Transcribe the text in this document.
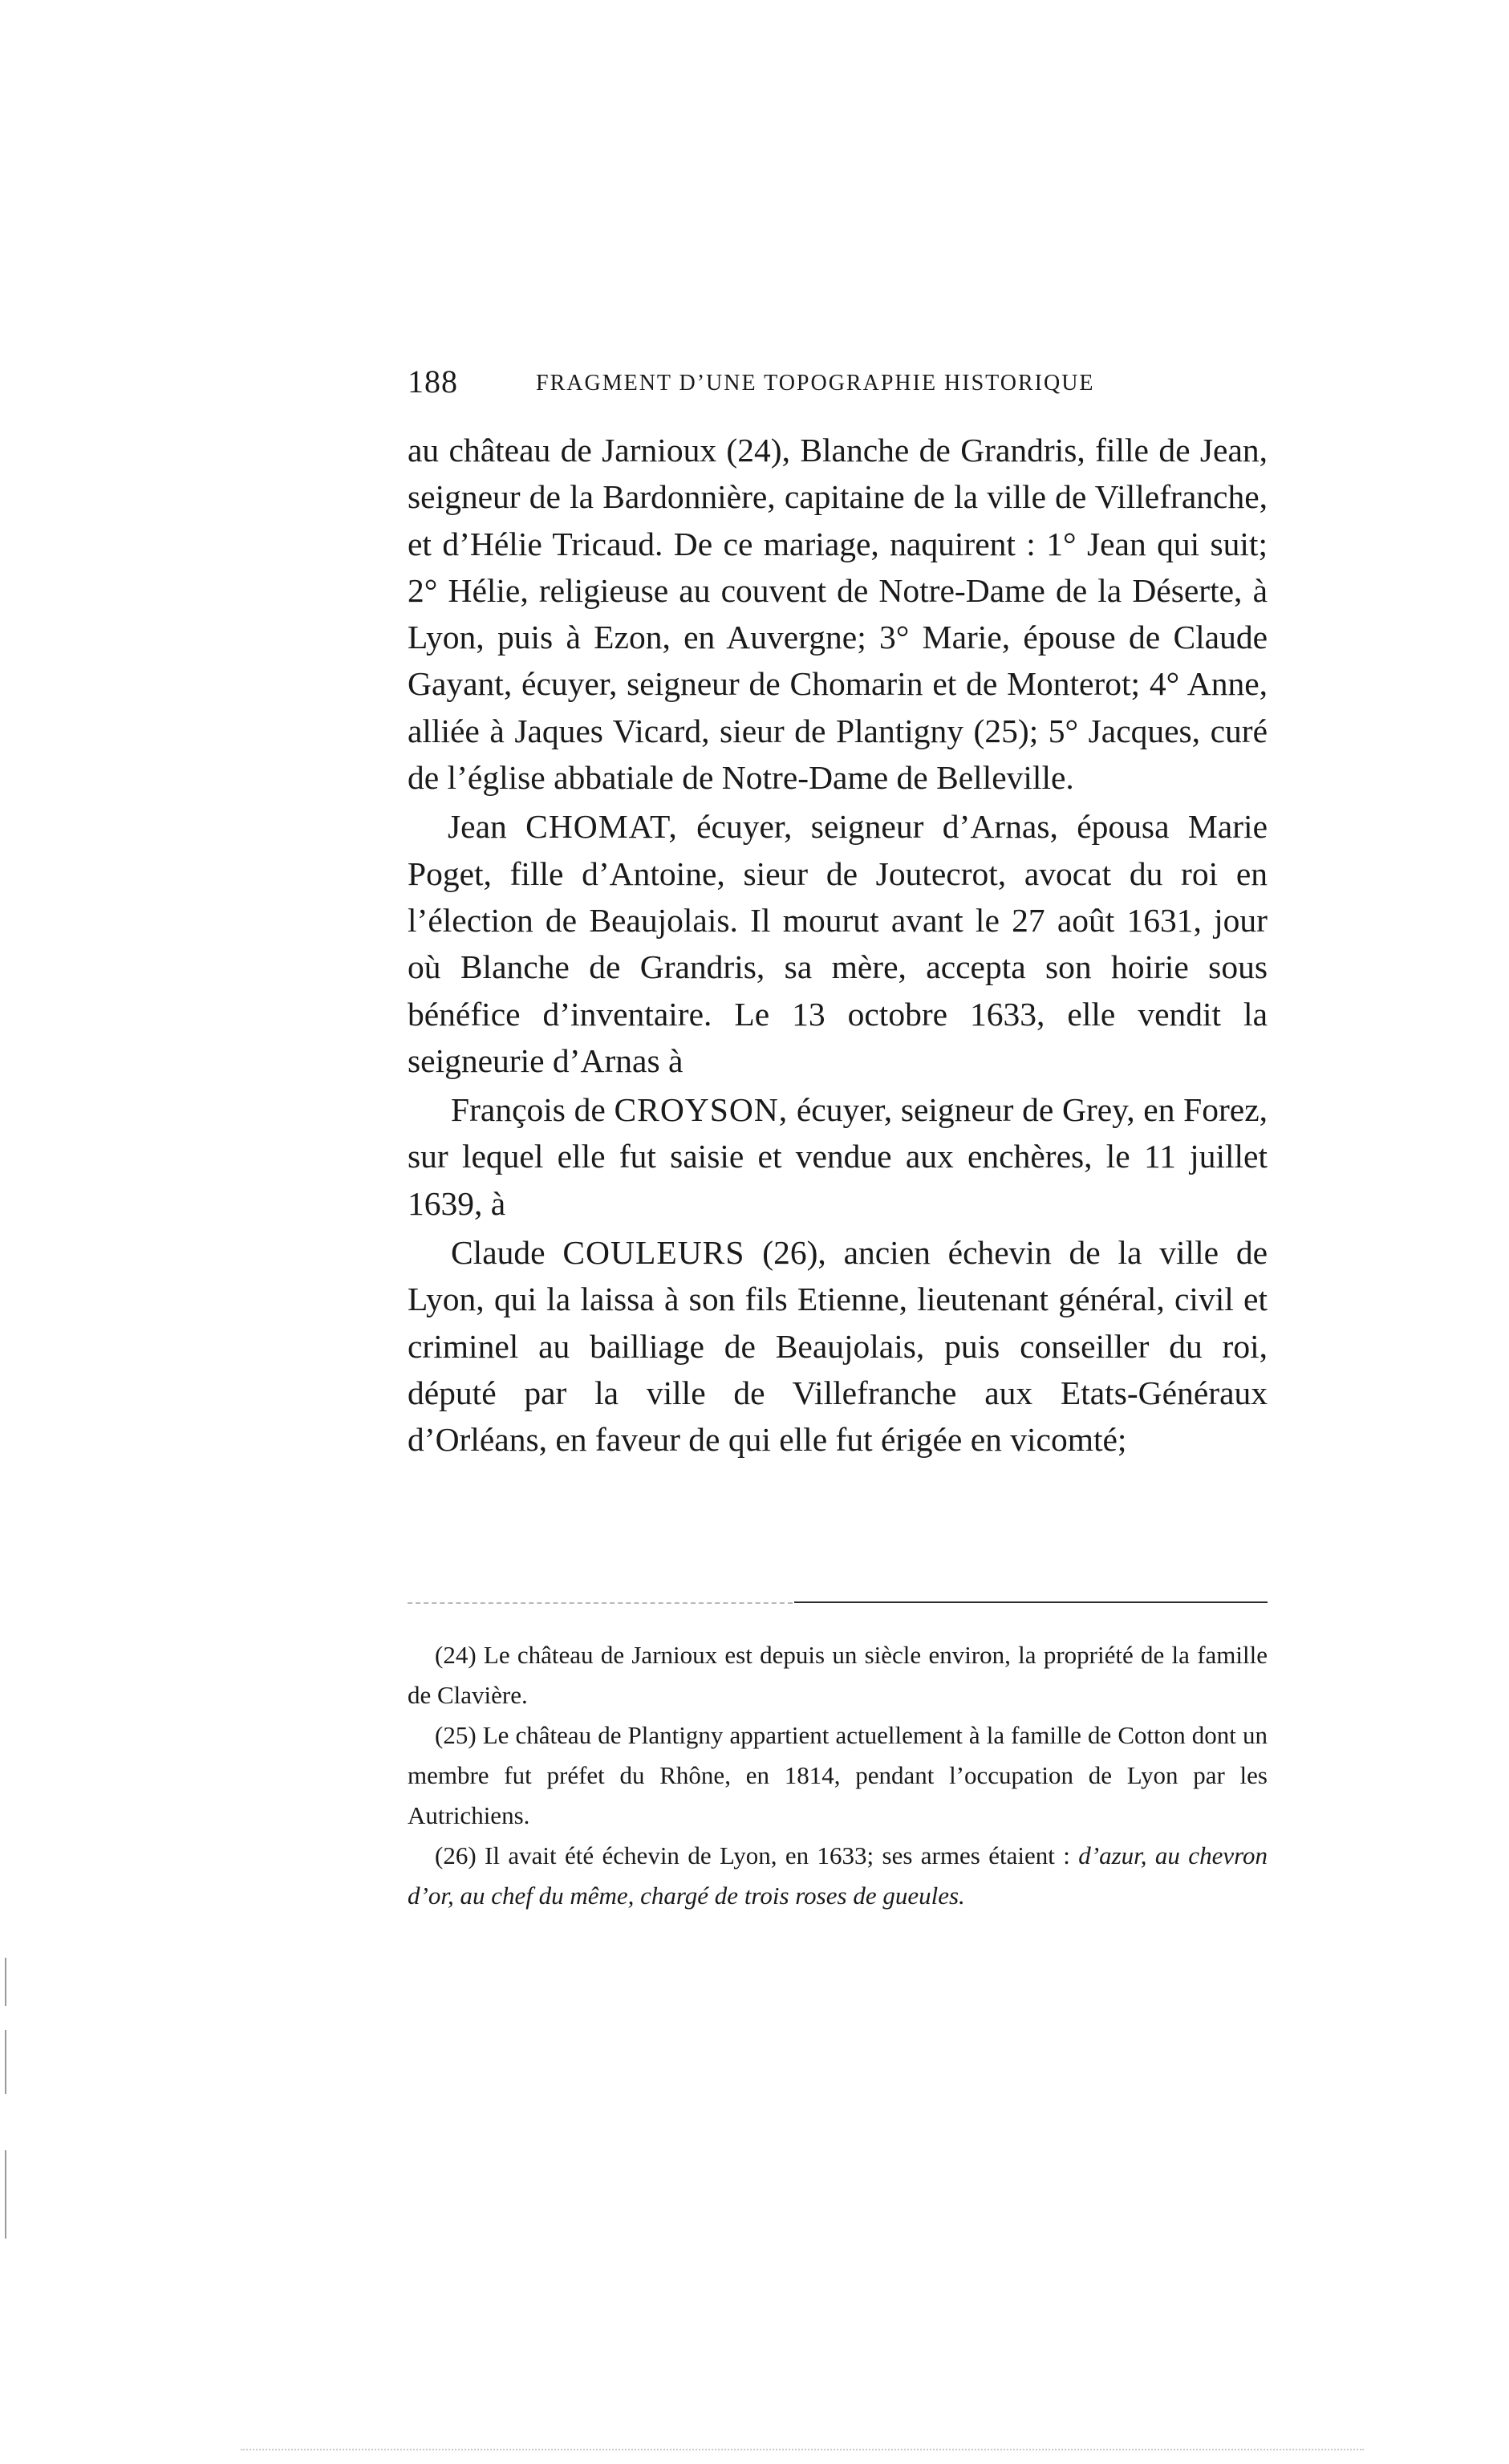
188	FRAGMENT D’UNE TOPOGRAPHIE HISTORIQUE

au château de Jarnioux (24), Blanche de Grandris, fille de Jean, seigneur de la Bardonnière, capitaine de la ville de Villefranche, et d’Hélie Tricaud. De ce mariage, naquirent : 1° Jean qui suit; 2° Hélie, religieuse au couvent de Notre-Dame de la Déserte, à Lyon, puis à Ezon, en Auvergne; 3° Marie, épouse de Claude Gayant, écuyer, seigneur de Chomarin et de Monterot; 4° Anne, alliée à Jaques Vicard, sieur de Plantigny (25); 5° Jacques, curé de l’église abbatiale de Notre-Dame de Belleville.

Jean CHOMAT, écuyer, seigneur d’Arnas, épousa Marie Poget, fille d’Antoine, sieur de Joutecrot, avocat du roi en l’élection de Beaujolais. Il mourut avant le 27 août 1631, jour où Blanche de Grandris, sa mère, accepta son hoirie sous bénéfice d’inventaire. Le 13 octobre 1633, elle vendit la seigneurie d’Arnas à

François de CROYSON, écuyer, seigneur de Grey, en Forez, sur lequel elle fut saisie et vendue aux enchères, le 11 juillet 1639, à

Claude COULEURS (26), ancien échevin de la ville de Lyon, qui la laissa à son fils Etienne, lieutenant général, civil et criminel au bailliage de Beaujolais, puis conseiller du roi, député par la ville de Villefranche aux Etats-Généraux d’Orléans, en faveur de qui elle fut érigée en vicomté;

(24) Le château de Jarnioux est depuis un siècle environ, la propriété de la famille de Clavière.

(25) Le château de Plantigny appartient actuellement à la famille de Cotton dont un membre fut préfet du Rhône, en 1814, pendant l’occupation de Lyon par les Autrichiens.

(26) Il avait été échevin de Lyon, en 1633; ses armes étaient : d’azur, au chevron d’or, au chef du même, chargé de trois roses de gueules.
